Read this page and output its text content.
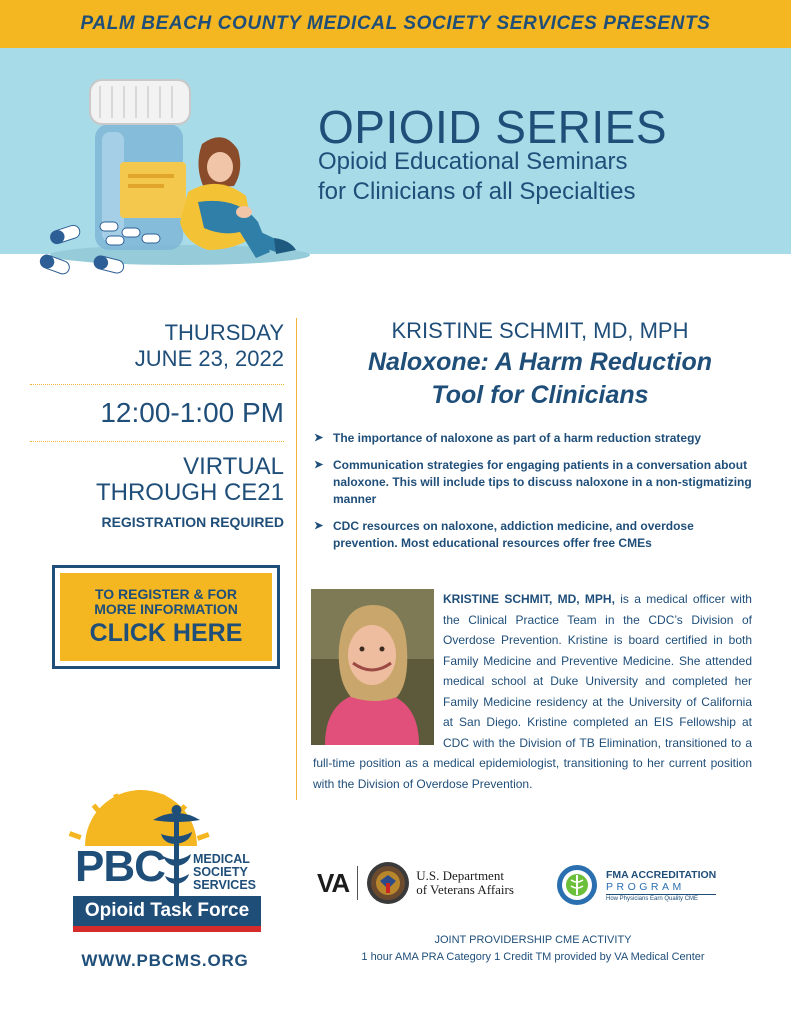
PALM BEACH COUNTY MEDICAL SOCIETY SERVICES PRESENTS
OPIOID SERIES
Opioid Educational Seminars
for Clinicians of all Specialties
THURSDAY
JUNE 23, 2022
12:00-1:00 PM
VIRTUAL
THROUGH CE21
REGISTRATION REQUIRED
TO REGISTER & FOR
MORE INFORMATION
CLICK HERE
KRISTINE SCHMIT, MD, MPH
Naloxone: A Harm Reduction
Tool for Clinicians
➤ The importance of naloxone as part of a harm reduction strategy
➤ Communication strategies for engaging patients in a conversation about naloxone. This will include tips to discuss naloxone in a non-stigmatizing manner
➤ CDC resources on naloxone, addiction medicine, and overdose prevention. Most educational resources offer free CMEs
KRISTINE SCHMIT, MD, MPH, is a medical officer with the Clinical Practice Team in the CDC’s Division of Overdose Prevention. Kristine is board certified in both Family Medicine and Preventive Medicine. She attended medical school at Duke University and completed her Family Medicine residency at the University of California at San Diego. Kristine completed an EIS Fellowship at CDC with the Division of TB Elimination, transitioned to a full-time position as a medical epidemiologist, transitioning to her current position with the Division of Overdose Prevention.
PBC MEDICAL
SOCIETY
SERVICES
Opioid Task Force
WWW.PBCMS.ORG
VA	U.S. Department
of Veterans Affairs
FMA ACCREDITATION
PROGRAM
How Physicians Earn Quality CME
JOINT PROVIDERSHIP CME ACTIVITY
1 hour AMA PRA Category 1 Credit TM provided by VA Medical Center
